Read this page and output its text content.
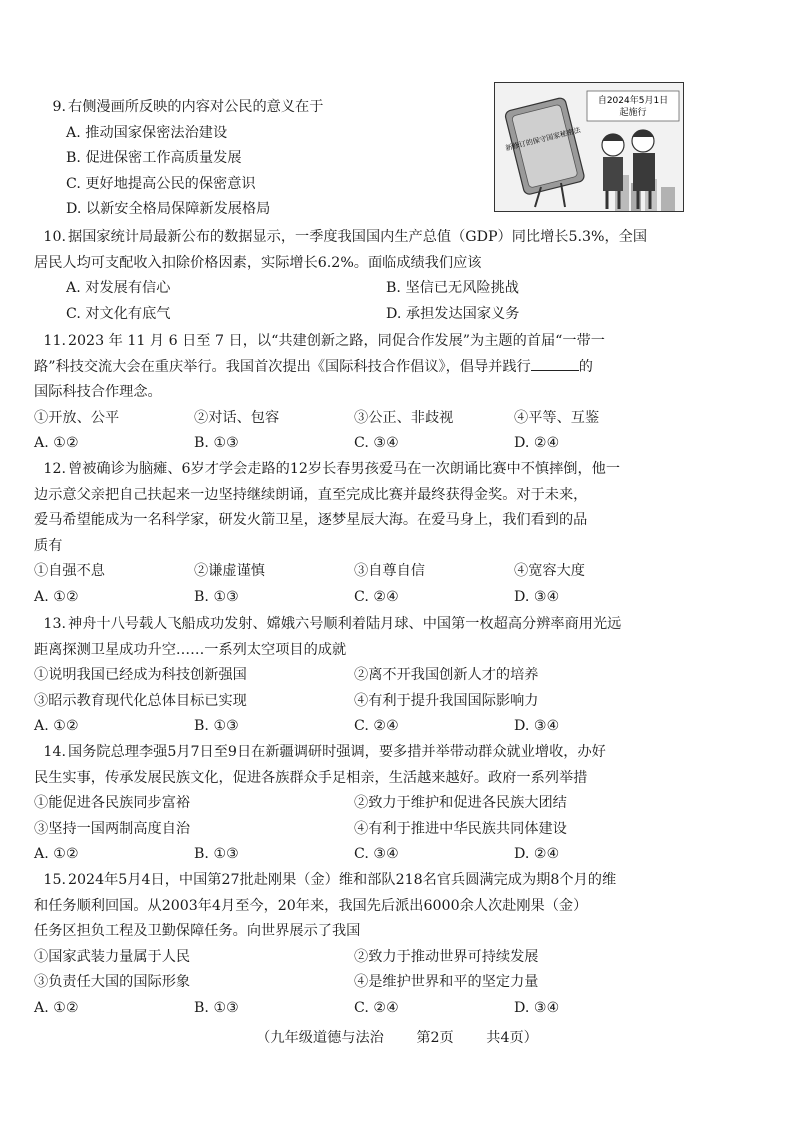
9. 右侧漫画所反映的内容对公民的意义在于
A. 推动国家保密法治建设
B. 促进保密工作高质量发展
C. 更好地提高公民的保密意识
D. 以新安全格局保障新发展格局
自2024年5月1日
起施行
新修订的保守国家秘密法
10. 据国家统计局最新公布的数据显示，一季度我国国内生产总值（GDP）同比增长5.3%，全国
居民人均可支配收入扣除价格因素，实际增长6.2%。面临成绩我们应该
A. 对发展有信心	B. 坚信已无风险挑战
C. 对文化有底气	D. 承担发达国家义务
11. 2023 年 11 月 6 日至 7 日，以“共建创新之路，同促合作发展”为主题的首届“一带一
路”科技交流大会在重庆举行。我国首次提出《国际科技合作倡议》，倡导并践行	的
国际科技合作理念。
①开放、公平	②对话、包容	③公正、非歧视	④平等、互鉴
A. ①②	B. ①③	C. ③④	D. ②④
12. 曾被确诊为脑瘫、6岁才学会走路的12岁长春男孩爱马在一次朗诵比赛中不慎摔倒，他一
边示意父亲把自己扶起来一边坚持继续朗诵，直至完成比赛并最终获得金奖。对于未来，
爱马希望能成为一名科学家，研发火箭卫星，逐梦星辰大海。在爱马身上，我们看到的品
质有
①自强不息	②谦虚谨慎	③自尊自信	④宽容大度
A. ①②	B. ①③	C. ②④	D. ③④
13. 神舟十八号载人飞船成功发射、嫦娥六号顺利着陆月球、中国第一枚超高分辨率商用光远
距离探测卫星成功升空……一系列太空项目的成就
①说明我国已经成为科技创新强国	②离不开我国创新人才的培养
③昭示教育现代化总体目标已实现	④有利于提升我国国际影响力
A. ①②	B. ①③	C. ②④	D. ③④
14. 国务院总理李强5月7日至9日在新疆调研时强调，要多措并举带动群众就业增收，办好
民生实事，传承发展民族文化，促进各族群众手足相亲，生活越来越好。政府一系列举措
①能促进各民族同步富裕	②致力于维护和促进各民族大团结
③坚持一国两制高度自治	④有利于推进中华民族共同体建设
A. ①②	B. ①③	C. ③④	D. ②④
15. 2024年5月4日，中国第27批赴刚果（金）维和部队218名官兵圆满完成为期8个月的维
和任务顺利回国。从2003年4月至今，20年来，我国先后派出6000余人次赴刚果（金）
任务区担负工程及卫勤保障任务。向世界展示了我国
①国家武装力量属于人民	②致力于推动世界可持续发展
③负责任大国的国际形象	④是维护世界和平的坚定力量
A. ①②	B. ①③	C. ②④	D. ③④
（九年级道德与法治 第2页 共4页）
